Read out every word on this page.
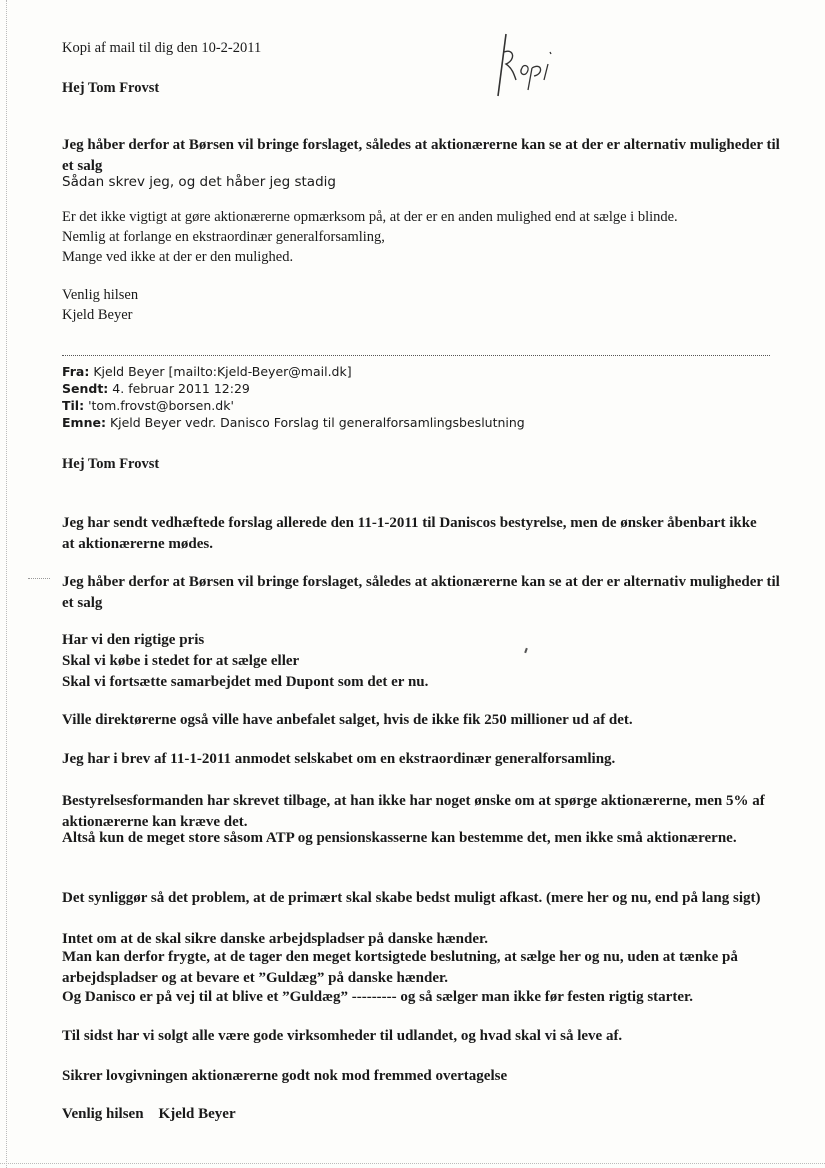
Kopi af mail til dig den 10-2-2011
Hej Tom Frovst
Jeg håber derfor at Børsen vil bringe forslaget, således at aktionærerne kan se at der er alternativ muligheder til et salg
Sådan skrev jeg, og det håber jeg stadig
Er det ikke vigtigt at gøre aktionærerne opmærksom på, at der er en anden mulighed end at sælge i blinde.
Nemlig at forlange en ekstraordinær generalforsamling,
Mange ved ikke at der er den mulighed.
Venlig hilsen
Kjeld Beyer
Fra: Kjeld Beyer [mailto:Kjeld-Beyer@mail.dk]
Sendt: 4. februar 2011 12:29
Til: 'tom.frovst@borsen.dk'
Emne: Kjeld Beyer vedr. Danisco Forslag til generalforsamlingsbeslutning
Hej Tom Frovst
Jeg har sendt vedhæftede forslag allerede den 11-1-2011 til Daniscos bestyrelse, men de ønsker åbenbart ikke at aktionærerne mødes.
Jeg håber derfor at Børsen vil bringe forslaget, således at aktionærerne kan se at der er alternativ muligheder til et salg
Har vi den rigtige pris
Skal vi købe i stedet for at sælge eller
Skal vi fortsætte samarbejdet med Dupont som det er nu.
Ville direktørerne også ville have anbefalet salget, hvis de ikke fik 250 millioner ud af det.
Jeg har i brev af 11-1-2011 anmodet selskabet om en ekstraordinær generalforsamling.
Bestyrelsesformanden har skrevet tilbage, at han ikke har noget ønske om at spørge aktionærerne, men 5% af aktionærerne kan kræve det.
Altså kun de meget store såsom ATP og pensionskasserne kan bestemme det, men ikke små aktionærerne.
Det synliggør så det problem, at de primært skal skabe bedst muligt afkast. (mere her og nu, end på lang sigt)
Intet om at de skal sikre danske arbejdspladser på danske hænder.
Man kan derfor frygte, at de tager den meget kortsigtede beslutning, at sælge her og nu, uden at tænke på arbejdspladser og at bevare et ”Guldæg” på danske hænder.
Og Danisco er på vej til at blive et ”Guldæg” --------- og så sælger man ikke før festen rigtig starter.
Til sidst har vi solgt alle være gode virksomheder til udlandet, og hvad skal vi så leve af.
Sikrer lovgivningen aktionærerne godt nok mod fremmed overtagelse
Venlig hilsen    Kjeld Beyer
